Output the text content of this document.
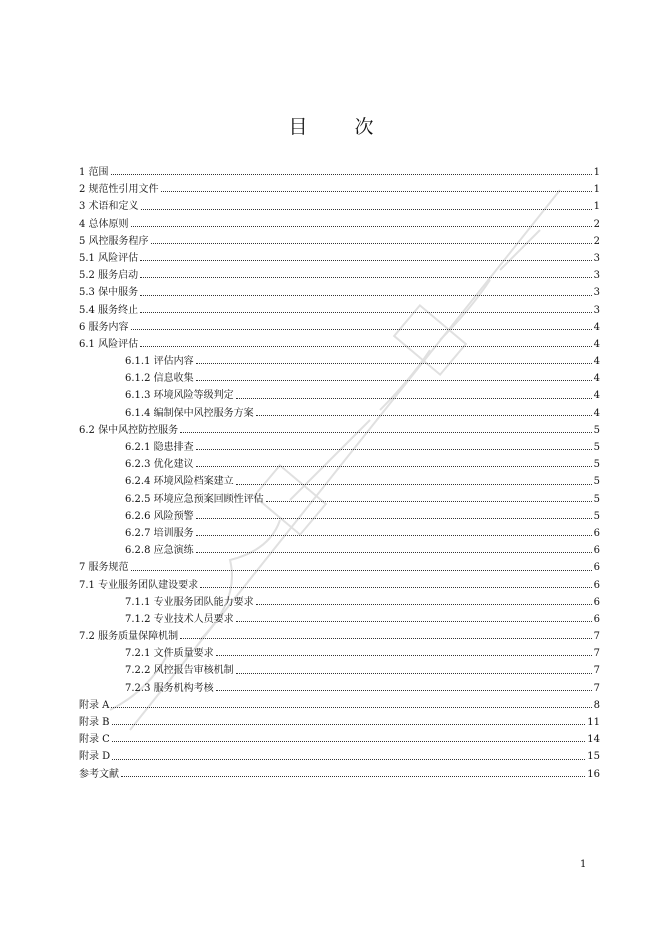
目　次
1 范围	1
2 规范性引用文件	1
3 术语和定义	1
4 总体原则	2
5 风控服务程序	2
5.1 风险评估	3
5.2 服务启动	3
5.3 保中服务	3
5.4 服务终止	3
6 服务内容	4
6.1 风险评估	4
6.1.1 评估内容	4
6.1.2 信息收集	4
6.1.3 环境风险等级判定	4
6.1.4 编制保中风控服务方案	4
6.2 保中风控防控服务	5
6.2.1 隐患排查	5
6.2.3 优化建议	5
6.2.4 环境风险档案建立	5
6.2.5 环境应急预案回顾性评估	5
6.2.6 风险预警	5
6.2.7 培训服务	6
6.2.8 应急演练	6
7 服务规范	6
7.1 专业服务团队建设要求	6
7.1.1 专业服务团队能力要求	6
7.1.2 专业技术人员要求	6
7.2 服务质量保障机制	7
7.2.1 文件质量要求	7
7.2.2 风控报告审核机制	7
7.2.3 服务机构考核	7
附录 A	8
附录 B	11
附录 C	14
附录 D	15
参考文献	16
1
